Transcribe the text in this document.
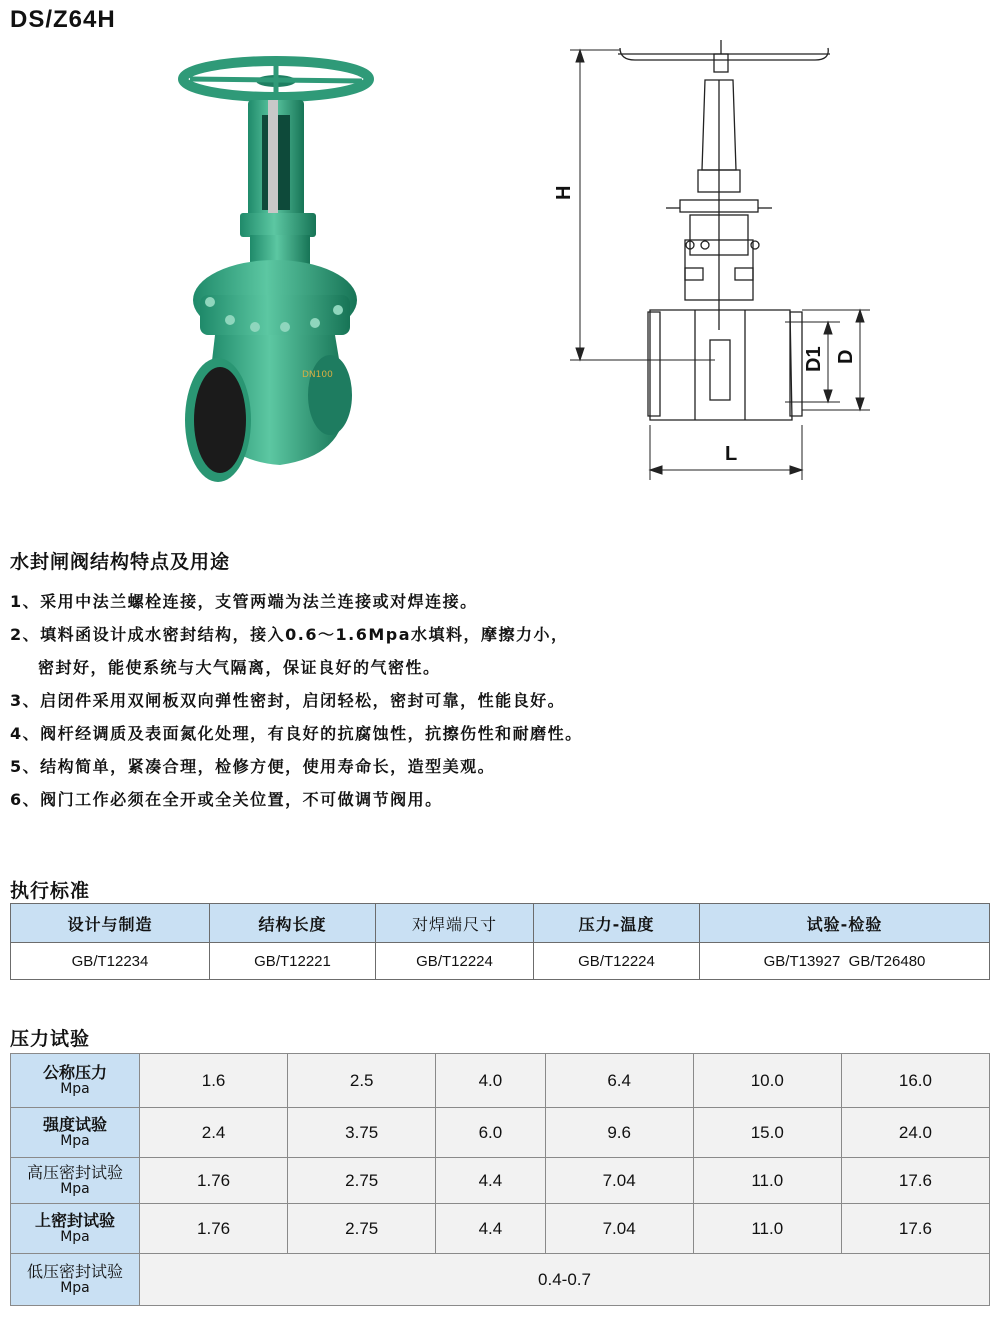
DS/Z64H
DN100
H
L
D1 D
水封闸阀结构特点及用途
1、采用中法兰螺栓连接，支管两端为法兰连接或对焊连接。
2、填料函设计成水密封结构，接入0.6～1.6Mpa水填料，摩擦力小，
密封好，能使系统与大气隔离，保证良好的气密性。
3、启闭件采用双闸板双向弹性密封，启闭轻松，密封可靠，性能良好。
4、阀杆经调质及表面氮化处理，有良好的抗腐蚀性，抗擦伤性和耐磨性。
5、结构简单，紧凑合理，检修方便，使用寿命长，造型美观。
6、阀门工作必须在全开或全关位置，不可做调节阀用。
执行标准
设计与制造	结构长度	对焊端尺寸	压力-温度	试验-检验
GB/T12234	GB/T12221	GB/T12224	GB/T12224	GB/T13927  GB/T26480
压力试验
公称压力
Mpa	1.6	2.5	4.0	6.4	10.0	16.0

强度试验
Mpa	2.4	3.75	6.0	9.6	15.0	24.0

高压密封试验
Mpa	1.76	2.75	4.4	7.04	11.0	17.6

上密封试验
Mpa	1.76	2.75	4.4	7.04	11.0	17.6

低压密封试验
Mpa	0.4-0.7					
